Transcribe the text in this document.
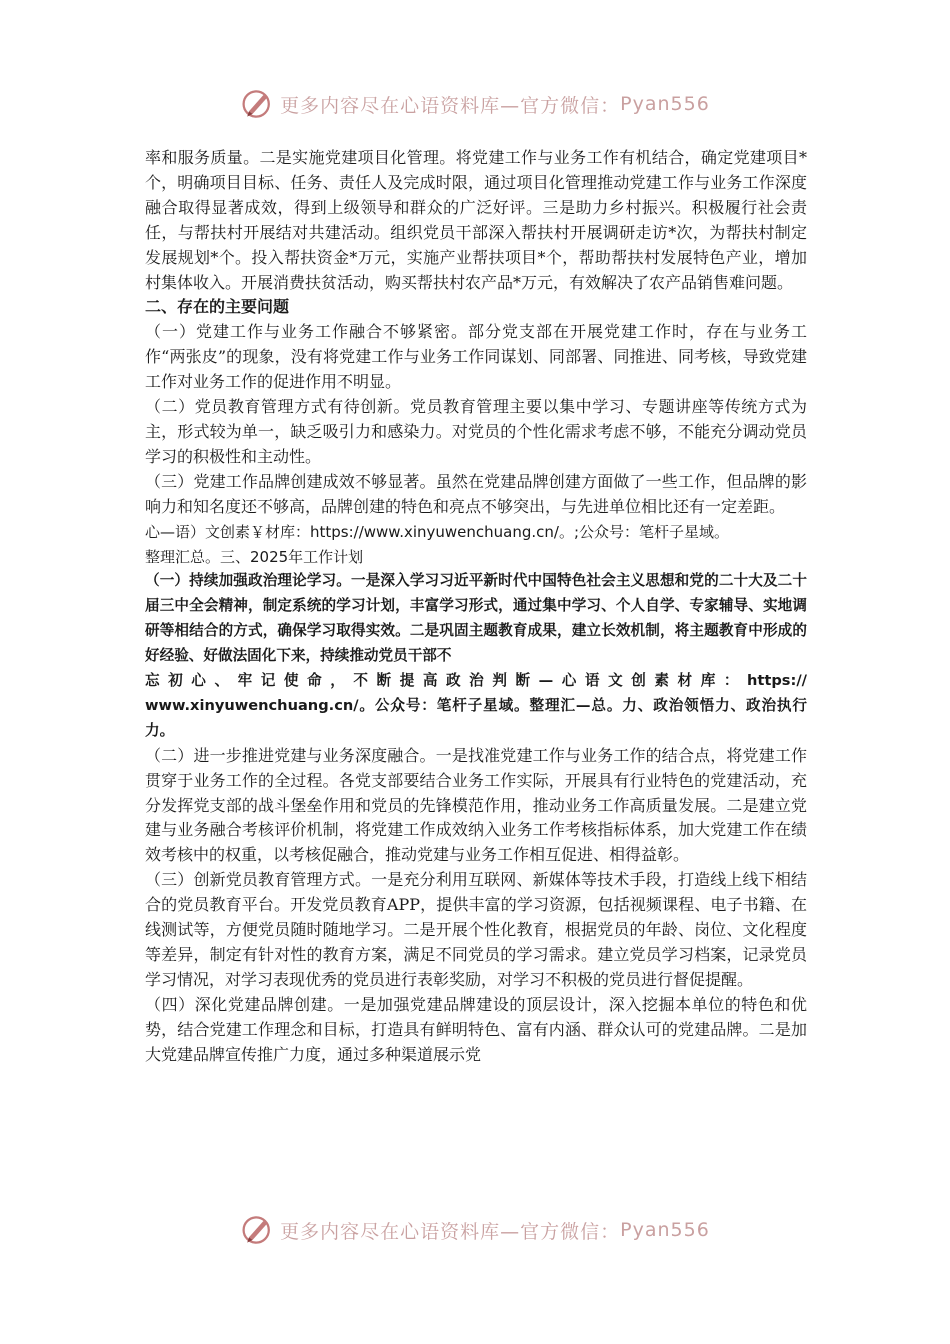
更多内容尽在心语资料库—官方微信： Pyan556

率和服务质量。二是实施党建项目化管理。将党建工作与业务工作有机结合，确定党建项目*个，明确项目目标、任务、责任人及完成时限，通过项目化管理推动党建工作与业务工作深度融合取得显著成效，得到上级领导和群众的广泛好评。三是助力乡村振兴。积极履行社会责任，与帮扶村开展结对共建活动。组织党员干部深入帮扶村开展调研走访*次，为帮扶村制定发展规划*个。投入帮扶资金*万元，实施产业帮扶项目*个，帮助帮扶村发展特色产业，增加村集体收入。开展消费扶贫活动，购买帮扶村农产品*万元，有效解决了农产品销售难问题。

二、存在的主要问题

（一）党建工作与业务工作融合不够紧密。部分党支部在开展党建工作时，存在与业务工作“两张皮”的现象，没有将党建工作与业务工作同谋划、同部署、同推进、同考核，导致党建工作对业务工作的促进作用不明显。

（二）党员教育管理方式有待创新。党员教育管理主要以集中学习、专题讲座等传统方式为主，形式较为单一，缺乏吸引力和感染力。对党员的个性化需求考虑不够，不能充分调动党员学习的积极性和主动性。

（三）党建工作品牌创建成效不够显著。虽然在党建品牌创建方面做了一些工作，但品牌的影响力和知名度还不够高，品牌创建的特色和亮点不够突出，与先进单位相比还有一定差距。

心—语）文创素￥材库：https://www.xinyuwenchuang.cn/。;公众号：笔杆子星域。

整理汇总。三、2025年工作计划

（一）持续加强政治理论学习。一是深入学习习近平新时代中国特色社会主义思想和党的二十大及二十届三中全会精神，制定系统的学习计划，丰富学习形式，通过集中学习、个人自学、专家辅导、实地调研等相结合的方式，确保学习取得实效。二是巩固主题教育成果，建立长效机制，将主题教育中形成的好经验、好做法固化下来，持续推动党员干部不

忘初心、牢记使命，不断提高政治判断—心语文创素材库：https://

www.xinyuwenchuang.cn/。公众号：笔杆子星域。整理汇—总。力、政治领悟力、政治执行力。

（二）进一步推进党建与业务深度融合。一是找准党建工作与业务工作的结合点，将党建工作贯穿于业务工作的全过程。各党支部要结合业务工作实际，开展具有行业特色的党建活动，充分发挥党支部的战斗堡垒作用和党员的先锋模范作用，推动业务工作高质量发展。二是建立党建与业务融合考核评价机制，将党建工作成效纳入业务工作考核指标体系，加大党建工作在绩效考核中的权重，以考核促融合，推动党建与业务工作相互促进、相得益彰。

（三）创新党员教育管理方式。一是充分利用互联网、新媒体等技术手段，打造线上线下相结合的党员教育平台。开发党员教育APP，提供丰富的学习资源，包括视频课程、电子书籍、在线测试等，方便党员随时随地学习。二是开展个性化教育，根据党员的年龄、岗位、文化程度等差异，制定有针对性的教育方案，满足不同党员的学习需求。建立党员学习档案，记录党员学习情况，对学习表现优秀的党员进行表彰奖励，对学习不积极的党员进行督促提醒。

（四）深化党建品牌创建。一是加强党建品牌建设的顶层设计，深入挖掘本单位的特色和优势，结合党建工作理念和目标，打造具有鲜明特色、富有内涵、群众认可的党建品牌。二是加大党建品牌宣传推广力度，通过多种渠道展示党

更多内容尽在心语资料库—官方微信： Pyan556
